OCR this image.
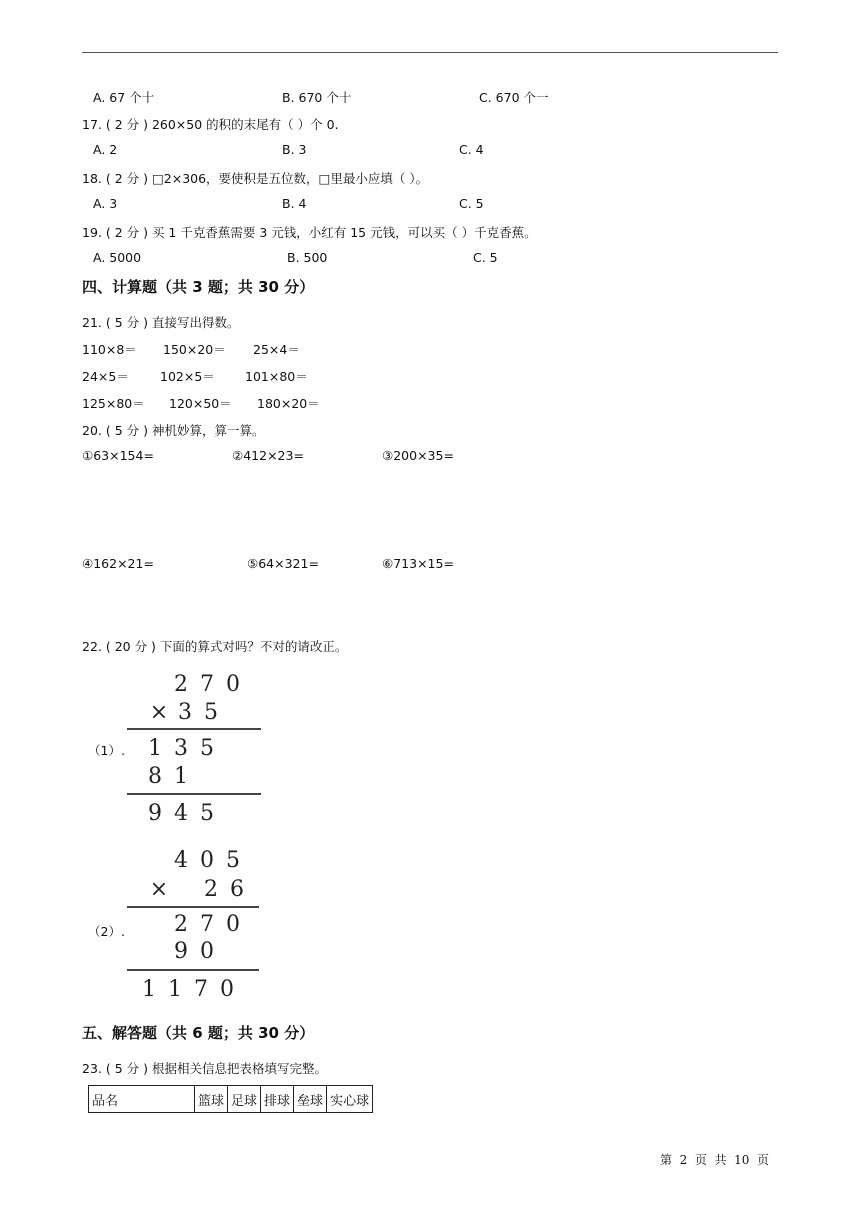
A. 67 个十	B. 670 个十	C. 670 个一
17. ( 2 分 ) 260×50 的积的末尾有（ ）个 0.
A. 2	B. 3	C. 4
18. ( 2 分 ) □2×306，要使积是五位数，□里最小应填（ ）。
A. 3	B. 4	C. 5
19. ( 2 分 ) 买 1 千克香蕉需要 3 元钱，小红有 15 元钱，可以买（ ）千克香蕉。
A. 5000	B. 500	C. 5
四、计算题（共 3 题；共 30 分）
21. ( 5 分 ) 直接写出得数。
110×8＝ 150×20＝ 25×4＝
24×5＝ 102×5＝ 101×80＝
125×80＝ 120×50＝ 180×20＝
20. ( 5 分 ) 神机妙算，算一算。
①63×154=	②412×23=	③200×35=
④162×21=	⑤64×321=	⑥713×15=
22. ( 20 分 ) 下面的算式对吗？不对的请改正。
（1）.
2 7 0
× 3 5
1 3 5
8 1
9 4 5
（2）.
4 0 5
× 2 6
2 7 0
9 0
1 1 7 0
五、解答题（共 6 题；共 30 分）
23. ( 5 分 ) 根据相关信息把表格填写完整。
品名	篮球	足球	排球	垒球	实心球
第  2  页  共  10  页
